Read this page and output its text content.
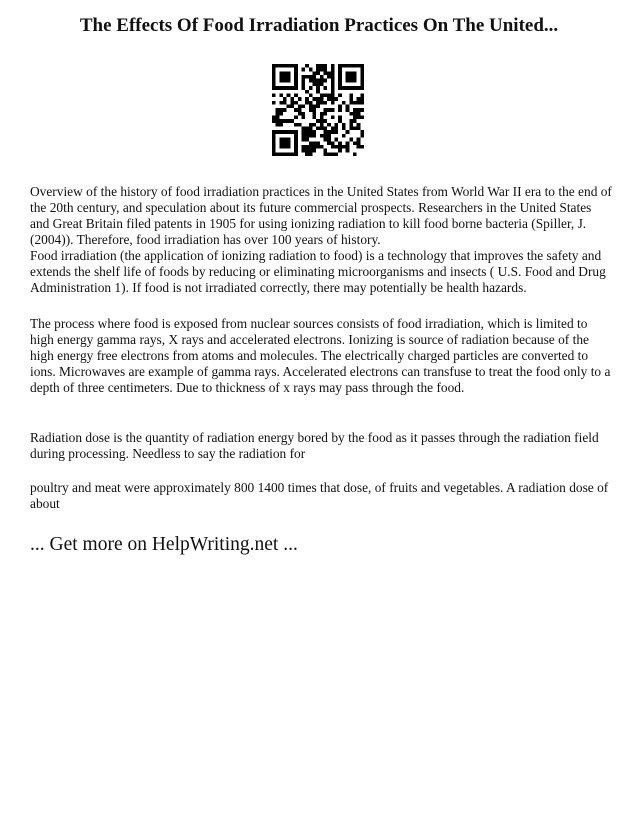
The Effects Of Food Irradiation Practices On The United...

Overview of the history of food irradiation practices in the United States from World War II era to the end of the 20th century, and speculation about its future commercial prospects. Researchers in the United States and Great Britain filed patents in 1905 for using ionizing radiation to kill food borne bacteria (Spiller, J. (2004)). Therefore, food irradiation has over 100 years of history.
Food irradiation (the application of ionizing radiation to food) is a technology that improves the safety and extends the shelf life of foods by reducing or eliminating microorganisms and insects ( U.S. Food and Drug Administration 1). If food is not irradiated correctly, there may potentially be health hazards.

The process where food is exposed from nuclear sources consists of food irradiation, which is limited to high energy gamma rays, X rays and accelerated electrons. Ionizing is source of radiation because of the high energy free electrons from atoms and molecules. The electrically charged particles are converted to ions. Microwaves are example of gamma rays. Accelerated electrons can transfuse to treat the food only to a depth of three centimeters. Due to thickness of x rays may pass through the food.

Radiation dose is the quantity of radiation energy bored by the food as it passes through the radiation field during processing. Needless to say the radiation for

poultry and meat were approximately 800 1400 times that dose, of fruits and vegetables. A radiation dose of about

... Get more on HelpWriting.net ...
